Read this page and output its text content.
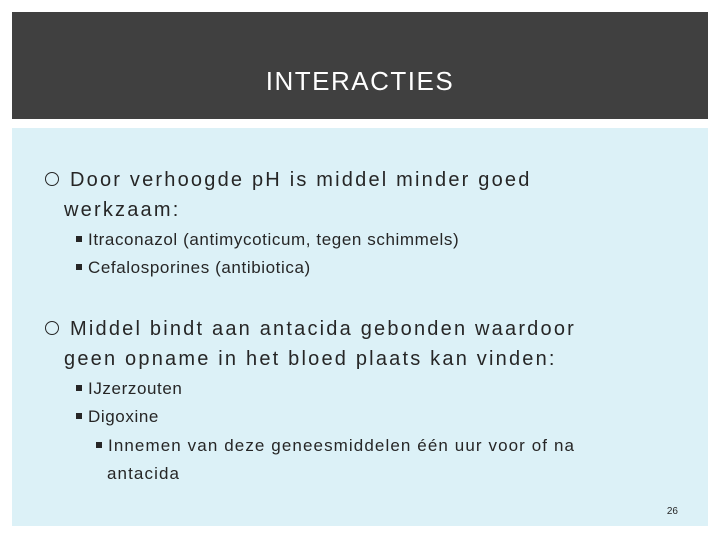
INTERACTIES
Door verhoogde pH is middel minder goed
werkzaam:
Itraconazol (antimycoticum, tegen schimmels)
Cefalosporines (antibiotica)
Middel bindt aan antacida gebonden waardoor
geen opname in het bloed plaats kan vinden:
IJzerzouten
Digoxine
Innemen van deze geneesmiddelen één uur voor of na
antacida
26
